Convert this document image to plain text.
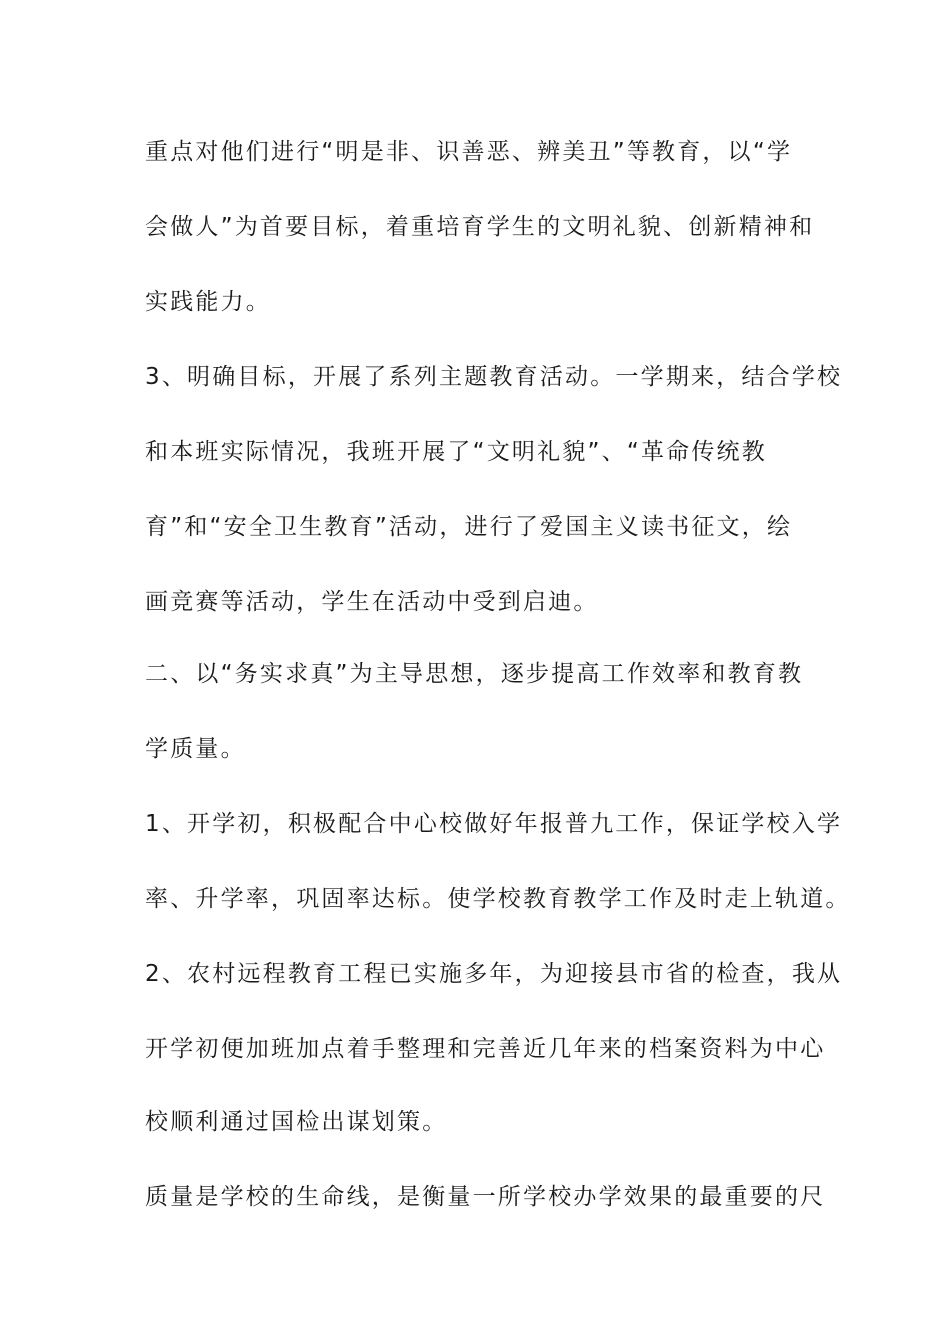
重点对他们进行“明是非、识善恶、辨美丑”等教育，以“学
会做人”为首要目标，着重培育学生的文明礼貌、创新精神和
实践能力。
3、明确目标，开展了系列主题教育活动。一学期来，结合学校
和本班实际情况，我班开展了“文明礼貌”、“革命传统教
育”和“安全卫生教育”活动，进行了爱国主义读书征文，绘
画竞赛等活动，学生在活动中受到启迪。
二、以“务实求真”为主导思想，逐步提高工作效率和教育教
学质量。
1、开学初，积极配合中心校做好年报普九工作，保证学校入学
率、升学率，巩固率达标。使学校教育教学工作及时走上轨道。
2、农村远程教育工程已实施多年，为迎接县市省的检查，我从
开学初便加班加点着手整理和完善近几年来的档案资料为中心
校顺利通过国检出谋划策。
质量是学校的生命线，是衡量一所学校办学效果的最重要的尺
